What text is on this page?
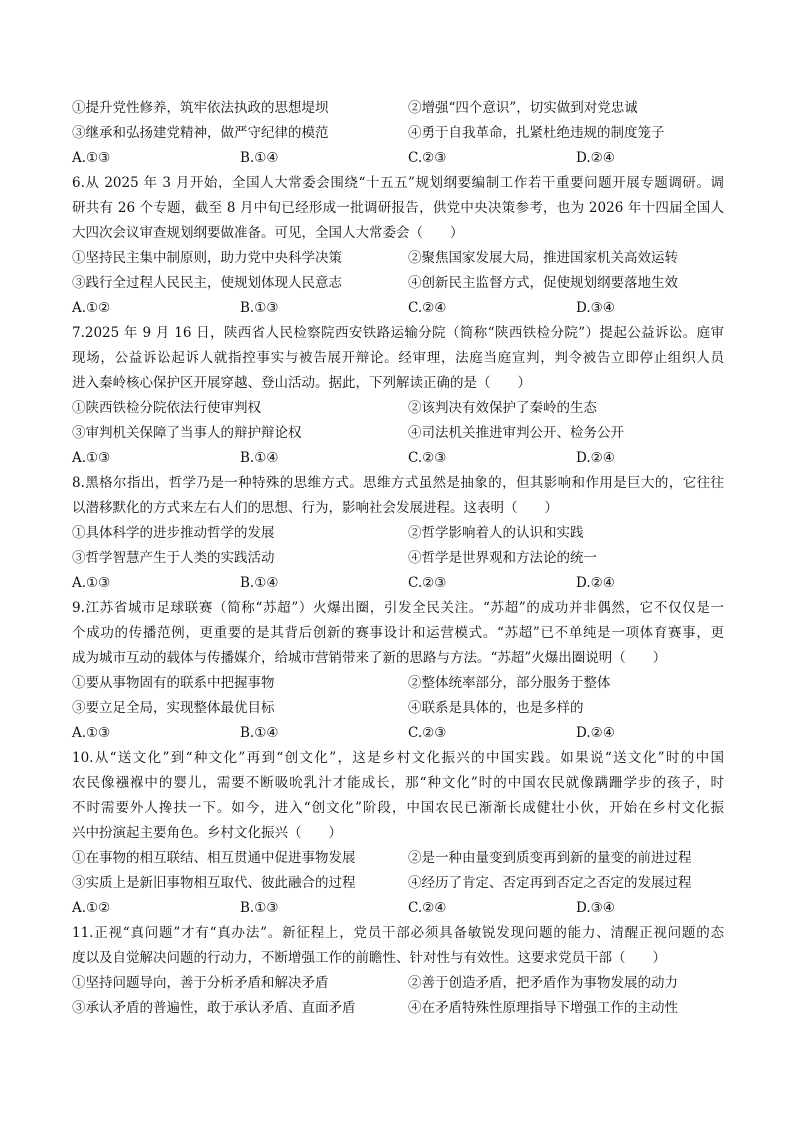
①提升党性修养，筑牢依法执政的思想堤坝	②增强“四个意识”，切实做到对党忠诚
③继承和弘扬建党精神，做严守纪律的模范	④勇于自我革命，扎紧杜绝违规的制度笼子
A.①③	B.①④	C.②③	D.②④
6.从 2025 年 3 月开始，全国人大常委会围绕“十五五”规划纲要编制工作若干重要问题开展专题调研。调
研共有 26 个专题，截至 8 月中旬已经形成一批调研报告，供党中央决策参考，也为 2026 年十四届全国人
大四次会议审查规划纲要做准备。可见，全国人大常委会（　　）
①坚持民主集中制原则，助力党中央科学决策	②聚焦国家发展大局，推进国家机关高效运转
③践行全过程人民民主，使规划体现人民意志	④创新民主监督方式，促使规划纲要落地生效
A.①②	B.①③	C.②④	D.③④
7.2025 年 9 月 16 日，陕西省人民检察院西安铁路运输分院（简称“陕西铁检分院”）提起公益诉讼。庭审
现场，公益诉讼起诉人就指控事实与被告展开辩论。经审理，法庭当庭宣判，判令被告立即停止组织人员
进入秦岭核心保护区开展穿越、登山活动。据此，下列解读正确的是（　　）
①陕西铁检分院依法行使审判权	②该判决有效保护了秦岭的生态
③审判机关保障了当事人的辩护辩论权	④司法机关推进审判公开、检务公开
A.①③	B.①④	C.②③	D.②④
8.黑格尔指出，哲学乃是一种特殊的思维方式。思维方式虽然是抽象的，但其影响和作用是巨大的，它往往
以潜移默化的方式来左右人们的思想、行为，影响社会发展进程。这表明（　　）
①具体科学的进步推动哲学的发展	②哲学影响着人的认识和实践
③哲学智慧产生于人类的实践活动	④哲学是世界观和方法论的统一
A.①③	B.①④	C.②③	D.②④
9.江苏省城市足球联赛（简称“苏超”）火爆出圈，引发全民关注。“苏超”的成功并非偶然，它不仅仅是一
个成功的传播范例，更重要的是其背后创新的赛事设计和运营模式。“苏超”已不单纯是一项体育赛事，更
成为城市互动的载体与传播媒介，给城市营销带来了新的思路与方法。“苏超”火爆出圈说明（　　）
①要从事物固有的联系中把握事物	②整体统率部分，部分服务于整体
③要立足全局，实现整体最优目标	④联系是具体的，也是多样的
A.①③	B.①④	C.②③	D.②④
10.从“送文化”到“种文化”再到“创文化”，这是乡村文化振兴的中国实践。如果说“送文化”时的中国
农民像襁褓中的婴儿，需要不断吸吮乳汁才能成长，那“种文化”时的中国农民就像蹒跚学步的孩子，时
不时需要外人搀扶一下。如今，进入“创文化”阶段，中国农民已渐渐长成健壮小伙，开始在乡村文化振
兴中扮演起主要角色。乡村文化振兴（　　）
①在事物的相互联结、相互贯通中促进事物发展	②是一种由量变到质变再到新的量变的前进过程
③实质上是新旧事物相互取代、彼此融合的过程	④经历了肯定、否定再到否定之否定的发展过程
A.①②	B.①③	C.②④	D.③④
11.正视“真问题”才有“真办法”。新征程上，党员干部必须具备敏锐发现问题的能力、清醒正视问题的态
度以及自觉解决问题的行动力，不断增强工作的前瞻性、针对性与有效性。这要求党员干部（　　）
①坚持问题导向，善于分析矛盾和解决矛盾	②善于创造矛盾，把矛盾作为事物发展的动力
③承认矛盾的普遍性，敢于承认矛盾、直面矛盾	④在矛盾特殊性原理指导下增强工作的主动性
